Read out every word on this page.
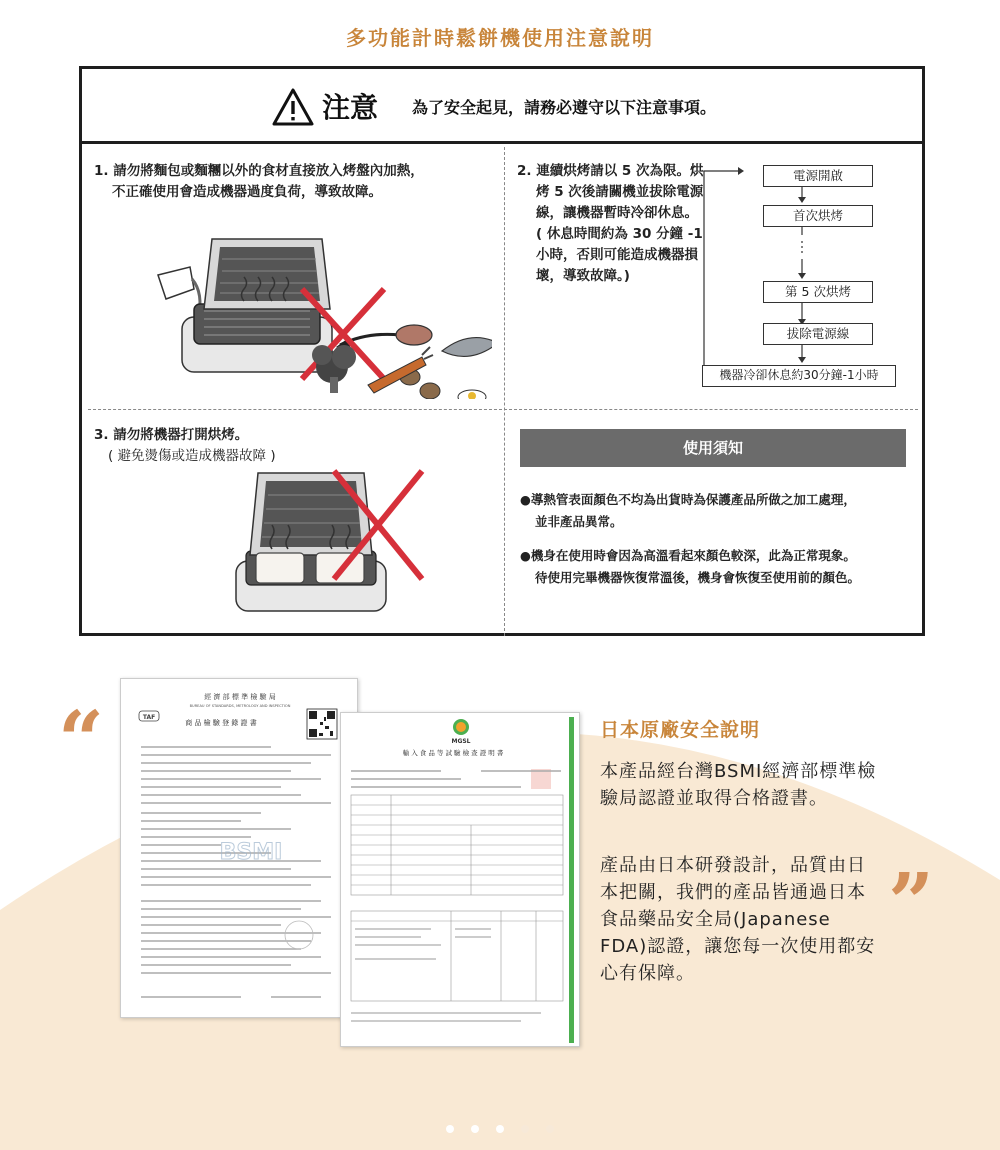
多功能計時鬆餅機使用注意說明
注意 為了安全起見，請務必遵守以下注意事項。
1. 請勿將麵包或麵糰以外的食材直接放入烤盤內加熱，
不正確使用會造成機器過度負荷，導致故障。
2. 連續烘烤請以 5 次為限。烘
烤 5 次後請關機並拔除電源
線，讓機器暫時冷卻休息。
( 休息時間約為 30 分鐘 -1
小時，否則可能造成機器損
壞，導致故障。)
電源開啟
首次烘烤
第 5 次烘烤
拔除電源線
機器冷卻休息約30分鐘-1小時
3. 請勿將機器打開烘烤。
( 避免燙傷或造成機器故障 )	使用須知
●導熱管表面顏色不均為出貨時為保護產品所做之加工處理，
並非產品異常。
●機身在使用時會因為高溫看起來顏色較深，此為正常現象。
待使用完畢機器恢復常溫後，機身會恢復至使用前的顏色。
“
”
經 濟 部 標 準 檢 驗 局
BUREAU OF STANDARDS, METROLOGY AND INSPECTION
TAF
商 品 檢 驗 登 錄 證 書
BSMI
MGSL
輸 入 食 品 等 試 驗 檢 查 證 明 書
日本原廠安全說明
本產品經台灣BSMI經濟部標準檢驗局認證並取得合格證書。
產品由日本研發設計，品質由日本把關，我們的產品皆通過日本食品藥品安全局(Japanese FDA)認證，讓您每一次使用都安心有保障。
